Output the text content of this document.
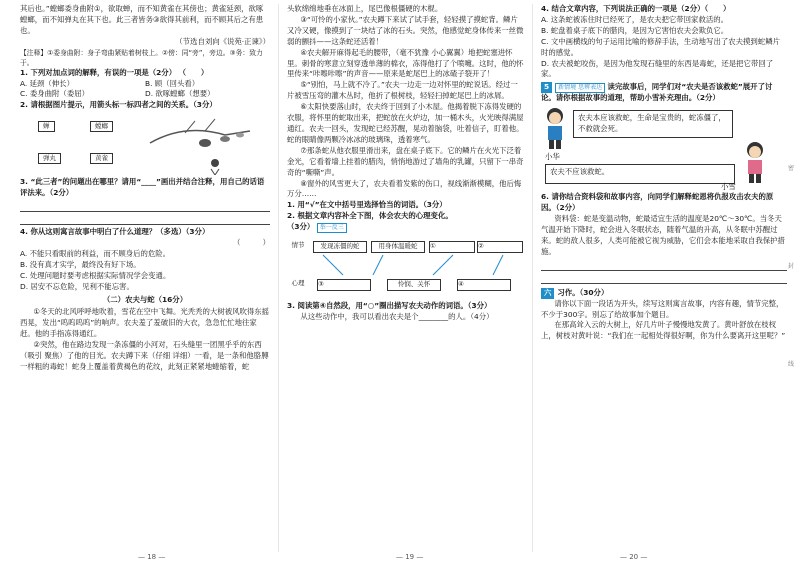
其后也。”螳螂委身曲附①，欲取蝉，而不知黄雀在其傍也；黄雀延颈，欲啄螳螂，而不知弹丸在其下也。此三者皆务③欲得其前利，而不顾其后之有患也。

（节选自刘向《说苑·正谏》）

【注释】①委身曲附：身子弯曲紧贴着树枝上。②傍：同“旁”，旁边。③务：致力于。

1. 下列对加点词的解释，有误的一项是（2分） （　　）

A. 延颈（伸长）	B. 顾（回头看）
C. 委身曲附（委屈）	D. 欲啄螳螂（想要）

2. 请根据图片提示，用箭头标一标四者之间的关系。（3分）

蝉	螳螂
弹丸	黄雀

3. “此三者”的问题出在哪里？请用“____”画出并结合注释，用自己的话语评法来。（2分）

4. 你从这则寓言故事中明白了什么道理？（多选）（3分）

（　　　）

A. 不能只看眼前的利益，而不顾身后的危险。

B. 没有真才实学，最终没有好下场。

C. 处理问题时要考虑根据实际情况学会变通。

D. 居安不忘危险，见利不能忘害。

（二）农夫与蛇（16分）

①冬天的北风呼呼地吹着，雪花在空中飞舞。光秃秃的大树被风吹得东摇西晃，发出“呜呜呜呜”的响声。农夫羞了羞破旧的大衣，急急忙忙地往家赶。他的手指冻得通红。

②突然，他在路边发现一条冻僵的小河对，石头缝里一团黑乎乎的东西（吸引 聚焦）了他的目光。农夫蹲下来（仔细 详细）一看，是一条和他胳膊一样粗的毒蛇！蛇身上覆盖着黄褐色的花纹，此刻正紧紧地蜷缩着，蛇

— 18 —

头软绵绵地垂在冰面上，尾巴像根僵硬的木棍。

③“可怜的小家伙。”农夫蹲下来试了试手套，轻轻摸了摸蛇背。鳞片又冷又硬，像摸到了一块结了冰的石头。突然，他感觉蛇身体传来一丝微弱的颤抖——这条蛇还活着！

④农夫解开麻得起毛的腰带，（毫不犹豫 小心翼翼）地把蛇塞进怀里。刺骨的寒意立刻穿透单薄的棉衣，冻得他打了个喷嚏。这时，他的怀里传来“咔嚓咔嚓”的声音——原来是蛇尾巴上的冰碴子裂开了！

⑤“别怕，马上就不冷了。”农夫一边走一边对怀里的蛇说话。经过一片被雪压弯的灌木丛时，他折了根树枝，轻轻扫掉蛇尾巴上的冰屑。

⑥太阳快要落山时，农夫终于回到了小木屋。他揭着脱下冻得发硬的衣服，将怀里的蛇取出来，把蛇放在火炉边，加一桶木头，火光映得满屋通红。农夫一回头，发现蛇已经苏醒，晃动着脑袋，吐着信子，盯着他。蛇的眼睛像两颗冷冰冰的玻璃珠，透着寒气。

⑦那条蛇从他衣服里滑出来，盘在桌子底下。它的鳞片在火光下泛着金光，它看着墙上挂着的腊肉，悄悄地游过了墙角的乳罐，只留下一串奇奇的“嘶嘶”声。

⑧窗外的风雪更大了，农夫看着发紫的伤口，视线渐渐模糊，他后悔万分……

1. 用“√”在文中括号里选择恰当的词语。（3分）

2. 根据文章内容补全下图，体会农夫的心理变化。

（3分） 举一反三

情节	发现冻僵的蛇	用身体温暖蛇	①	②
心理	③	怜悯、关怀	④

3. 阅读第④自然段，用“○”圈出描写农夫动作的词语。（3分）

从这些动作中，我可以看出农夫是个________的人。（4分）

— 19 —

4. 结合文章内容，下列说法正确的一项是（2分）（　　）

A. 这条蛇被冻住时已经死了，是农夫把它带回家救活的。

B. 蛇盘着桌子底下的腊肉，是因为它害怕农夫会欺负它。

C. 文中画横线的句子运用比喻的修辞手法，生动地写出了农夫摸到蛇鳞片时的感觉。

D. 农夫被蛇咬伤，是因为他发现石缝里的东西是毒蛇，还是把它带回了家。

5 新情境 思辨表达 读完故事后，同学们对“农夫是否该救蛇”展开了讨论。请你根据故事的道理，帮助小雪补充理由。（2分）

农夫本应该救蛇，生命是宝贵的，蛇冻僵了，不救就会死。
小华
农夫不应该救蛇。
小雪

6. 请你结合资料袋和故事内容，向同学们解释蛇恩将仇报攻击农夫的原因。（2分）

资料袋：蛇是变温动物，蛇最适宜生活的温度是20℃～30℃。当冬天气温开始下降时，蛇会进入冬眠状态，随着气温的升高，从冬眠中苏醒过来。蛇的敌人很多，人类可能被它视为威胁，它们会本能地采取自我保护措施。

六 习作。（30分）

请你以下面一段话为开头，续写这则寓言故事，内容有趣，情节完整，不少于300字。别忘了给故事加个题目。

在那高耸入云的大树上，好几片叶子慢慢地发黄了。黄叶舒放在枝杈上，树枝对黄叶说：“我们在一起相处得很好啊，你为什么要离开这里呢？”

— 20 —
密
封
线
